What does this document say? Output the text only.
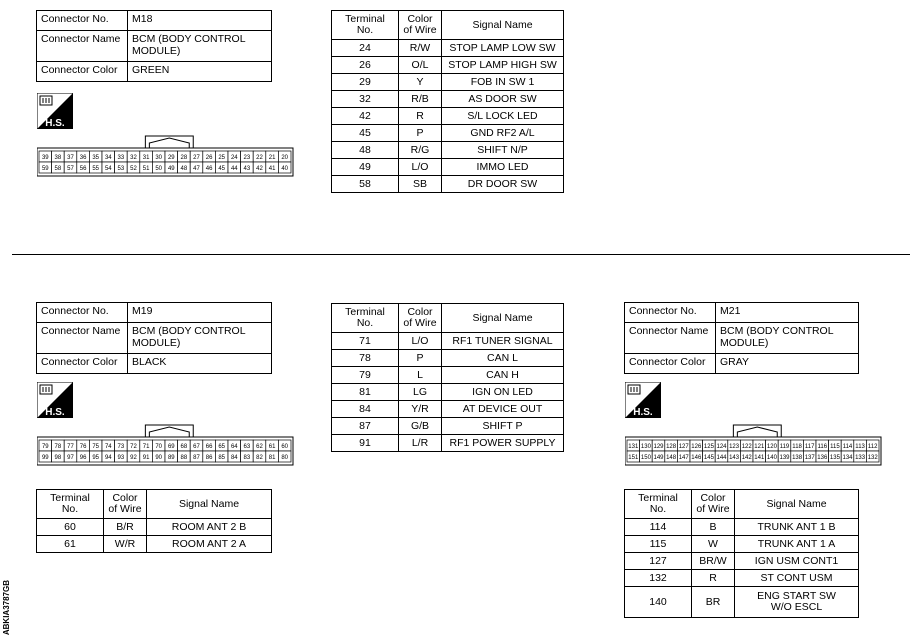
Connector No.	M18
Connector Name	BCM (BODY CONTROL MODULE)
Connector Color	GREEN
H.S.
39 38 37 36 35 34 33 32 31 30 29 28 27 26 25 24 23 22 21 20
59 58 57 56 55 54 53 52 51 50 49 48 47 46 45 44 43 42 41 40
Terminal No.	Color of Wire	Signal Name
24	R/W	STOP LAMP LOW SW
26	O/L	STOP LAMP HIGH SW
29	Y	FOB IN SW 1
32	R/B	AS DOOR SW
42	R	S/L LOCK LED
45	P	GND RF2 A/L
48	R/G	SHIFT N/P
49	L/O	IMMO LED
58	SB	DR DOOR SW
Connector No.	M19
Connector Name	BCM (BODY CONTROL MODULE)
Connector Color	BLACK
H.S.
79 78 77 76 75 74 73 72 71 70 69 68 67 66 65 64 63 62 61 60
99 98 97 96 95 94 93 92 91 90 89 88 87 86 85 84 83 82 81 80
Terminal No.	Color of Wire	Signal Name
60	B/R	ROOM ANT 2 B
61	W/R	ROOM ANT 2 A
Terminal No.	Color of Wire	Signal Name
71	L/O	RF1 TUNER SIGNAL
78	P	CAN L
79	L	CAN H
81	LG	IGN ON LED
84	Y/R	AT DEVICE OUT
87	G/B	SHIFT P
91	L/R	RF1 POWER SUPPLY
Connector No.	M21
Connector Name	BCM (BODY CONTROL MODULE)
Connector Color	GRAY
H.S.
131 130 129 128 127 126 125 124 123 122 121 120 119 118 117 116 115 114 113 112
151 150 149 148 147 146 145 144 143 142 141 140 139 138 137 136 135 134 133 132
Terminal No.	Color of Wire	Signal Name
114	B	TRUNK ANT 1 B
115	W	TRUNK ANT 1 A
127	BR/W	IGN USM CONT1
132	R	ST CONT USM
140	BR	ENG START SW
W/O ESCL
ABKIA3787GB
